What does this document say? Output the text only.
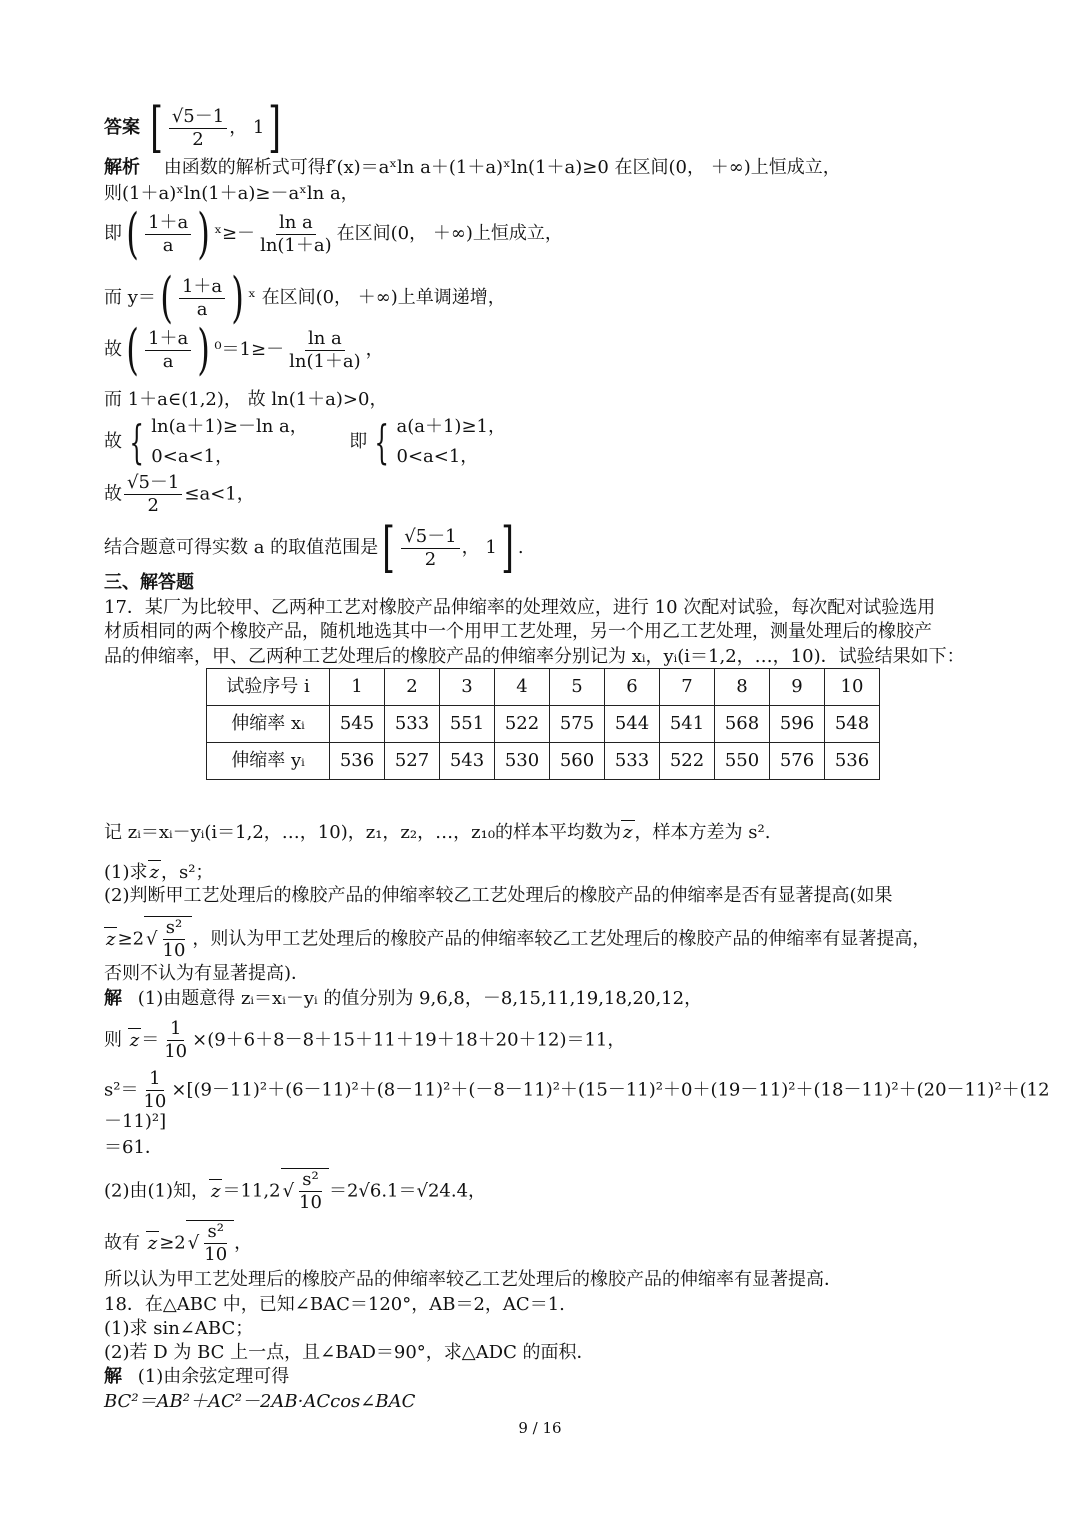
答案 [ $\frac{√5-1}{2}$ ， 1]
解析 由函数的解析式可得f′(x)＝aˣln a＋(1＋a)ˣln(1＋a)≥0 在区间(0， ＋∞)上恒成立，
则(1＋a)ˣln(1＋a)≥－aˣln a，
即( $\frac{1+a}{a}$ ) ˣ≥－ $\frac{\text{ln a}}{\ln(1+a)}$ 在区间(0， ＋∞)上恒成立，
而 $y=( \frac{1+a}{a}$ ) ˣ 在区间(0， ＋∞)上单调递增，
故( $\frac{1+a}{a}$ ) $^0=1\ge- \frac{\text{ln a}}{\ln(1+a)}$ ，
而 1＋a∈(1,2)， 故 ln(1＋a)>0，
故 { ln(a＋1)≥－ln a，
0<a<1，
即 { a(a＋1)≥1，
0<a<1，
故 $\frac{√5-1}{2} \le a<1$，
结合题意可得实数 a 的取值范围是[ $\frac{√5-1}{2}$ ， 1] .
三、解答题
17．某厂为比较甲、乙两种工艺对橡胶产品伸缩率的处理效应，进行 10 次配对试验，每次配对试验选用
材质相同的两个橡胶产品，随机地选其中一个用甲工艺处理，另一个用乙工艺处理，测量处理后的橡胶产
品的伸缩率，甲、乙两种工艺处理后的橡胶产品的伸缩率分别记为 xᵢ，yᵢ(i＝1,2，…，10)．试验结果如下：
试验序号 i	1	2	3	4	5	6	7	8	9	10
伸缩率 xᵢ	545	533	551	522	575	544	541	568	596	548
伸缩率 yᵢ	536	527	543	530	560	533	522	550	576	536
记 zᵢ＝xᵢ－yᵢ(i＝1,2，…，10)，z₁，z₂，…，z₁₀的样本平均数为 z ，样本方差为 s².
(1)求 z ，s²；
(2)判断甲工艺处理后的橡胶产品的伸缩率较乙工艺处理后的橡胶产品的伸缩率是否有显著提高(如果
z ≥2 √ $\frac{\text{s²}}{10}$ ，则认为甲工艺处理后的橡胶产品的伸缩率较乙工艺处理后的橡胶产品的伸缩率有显著提高，
否则不认为有显著提高)．
解 (1)由题意得 zᵢ＝xᵢ－yᵢ 的值分别为 9,6,8，－8,15,11,19,18,20,12，
则 $z = \frac{1}{10} \times(9+6+8-8+15+11+19+18+20+12)=11$，
$s^2= \frac{1}{10} \times[(9-11)^2+(6-11)^2+(8-11)^2+(-8-11)^2+(15-11)^2+0+(19-11)^2+(18-11)^2+(20-11)^2+(12$
－11)²]
＝61．
(2)由(1)知， z ＝11,2 √ $\frac{\text{s²}}{10} =2√6.1=√24.4$，
故有 z ≥2 √ $\frac{\text{s²}}{10}$ ，
所以认为甲工艺处理后的橡胶产品的伸缩率较乙工艺处理后的橡胶产品的伸缩率有显著提高．
18．在△ABC 中，已知∠BAC＝120°，AB＝2，AC＝1.
(1)求 sin∠ABC；
(2)若 D 为 BC 上一点，且∠BAD＝90°，求△ADC 的面积．
解 (1)由余弦定理可得
BC²＝AB²＋AC²－2AB·ACcos∠BAC
9 / 16
